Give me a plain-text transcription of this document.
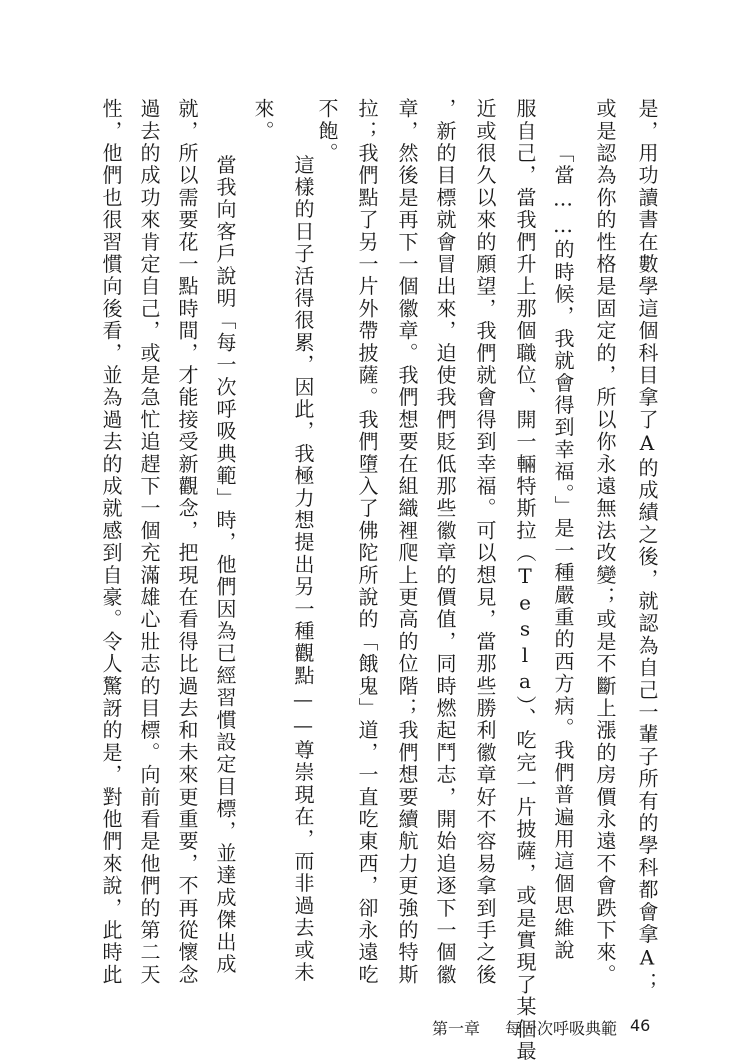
是，用功讀書在數學這個科目拿了A的成績之後，就認為自己一輩子所有的學科都會拿A；
或是認為你的性格是固定的，所以你永遠無法改變；或是不斷上漲的房價永遠不會跌下來。
　「當……的時候，我就會得到幸福。」是一種嚴重的西方病。我們普遍用這個思維說
服自己，當我們升上那個職位、開一輛特斯拉（Tesla）、吃完一片披薩，或是實現了某個最
近或很久以來的願望，我們就會得到幸福。可以想見，當那些勝利徽章好不容易拿到手之後
，新的目標就會冒出來，迫使我們貶低那些徽章的價值，同時燃起鬥志，開始追逐下一個徽
章，然後是再下一個徽章。我們想要在組織裡爬上更高的位階；我們想要續航力更強的特斯
拉；我們點了另一片外帶披薩。我們墮入了佛陀所說的「餓鬼」道，一直吃東西，卻永遠吃
不飽。
　這樣的日子活得很累，因此，我極力想提出另一種觀點——尊崇現在，而非過去或未
來。
　當我向客戶說明「每一次呼吸典範」時，他們因為已經習慣設定目標，並達成傑出成
就，所以需要花一點時間，才能接受新觀念，把現在看得比過去和未來更重要，不再從懷念
過去的成功來肯定自己，或是急忙追趕下一個充滿雄心壯志的目標。向前看是他們的第二天
性，他們也很習慣向後看，並為過去的成就感到自豪。令人驚訝的是，對他們來說，此時此
第一章 每一次呼吸典範 46
